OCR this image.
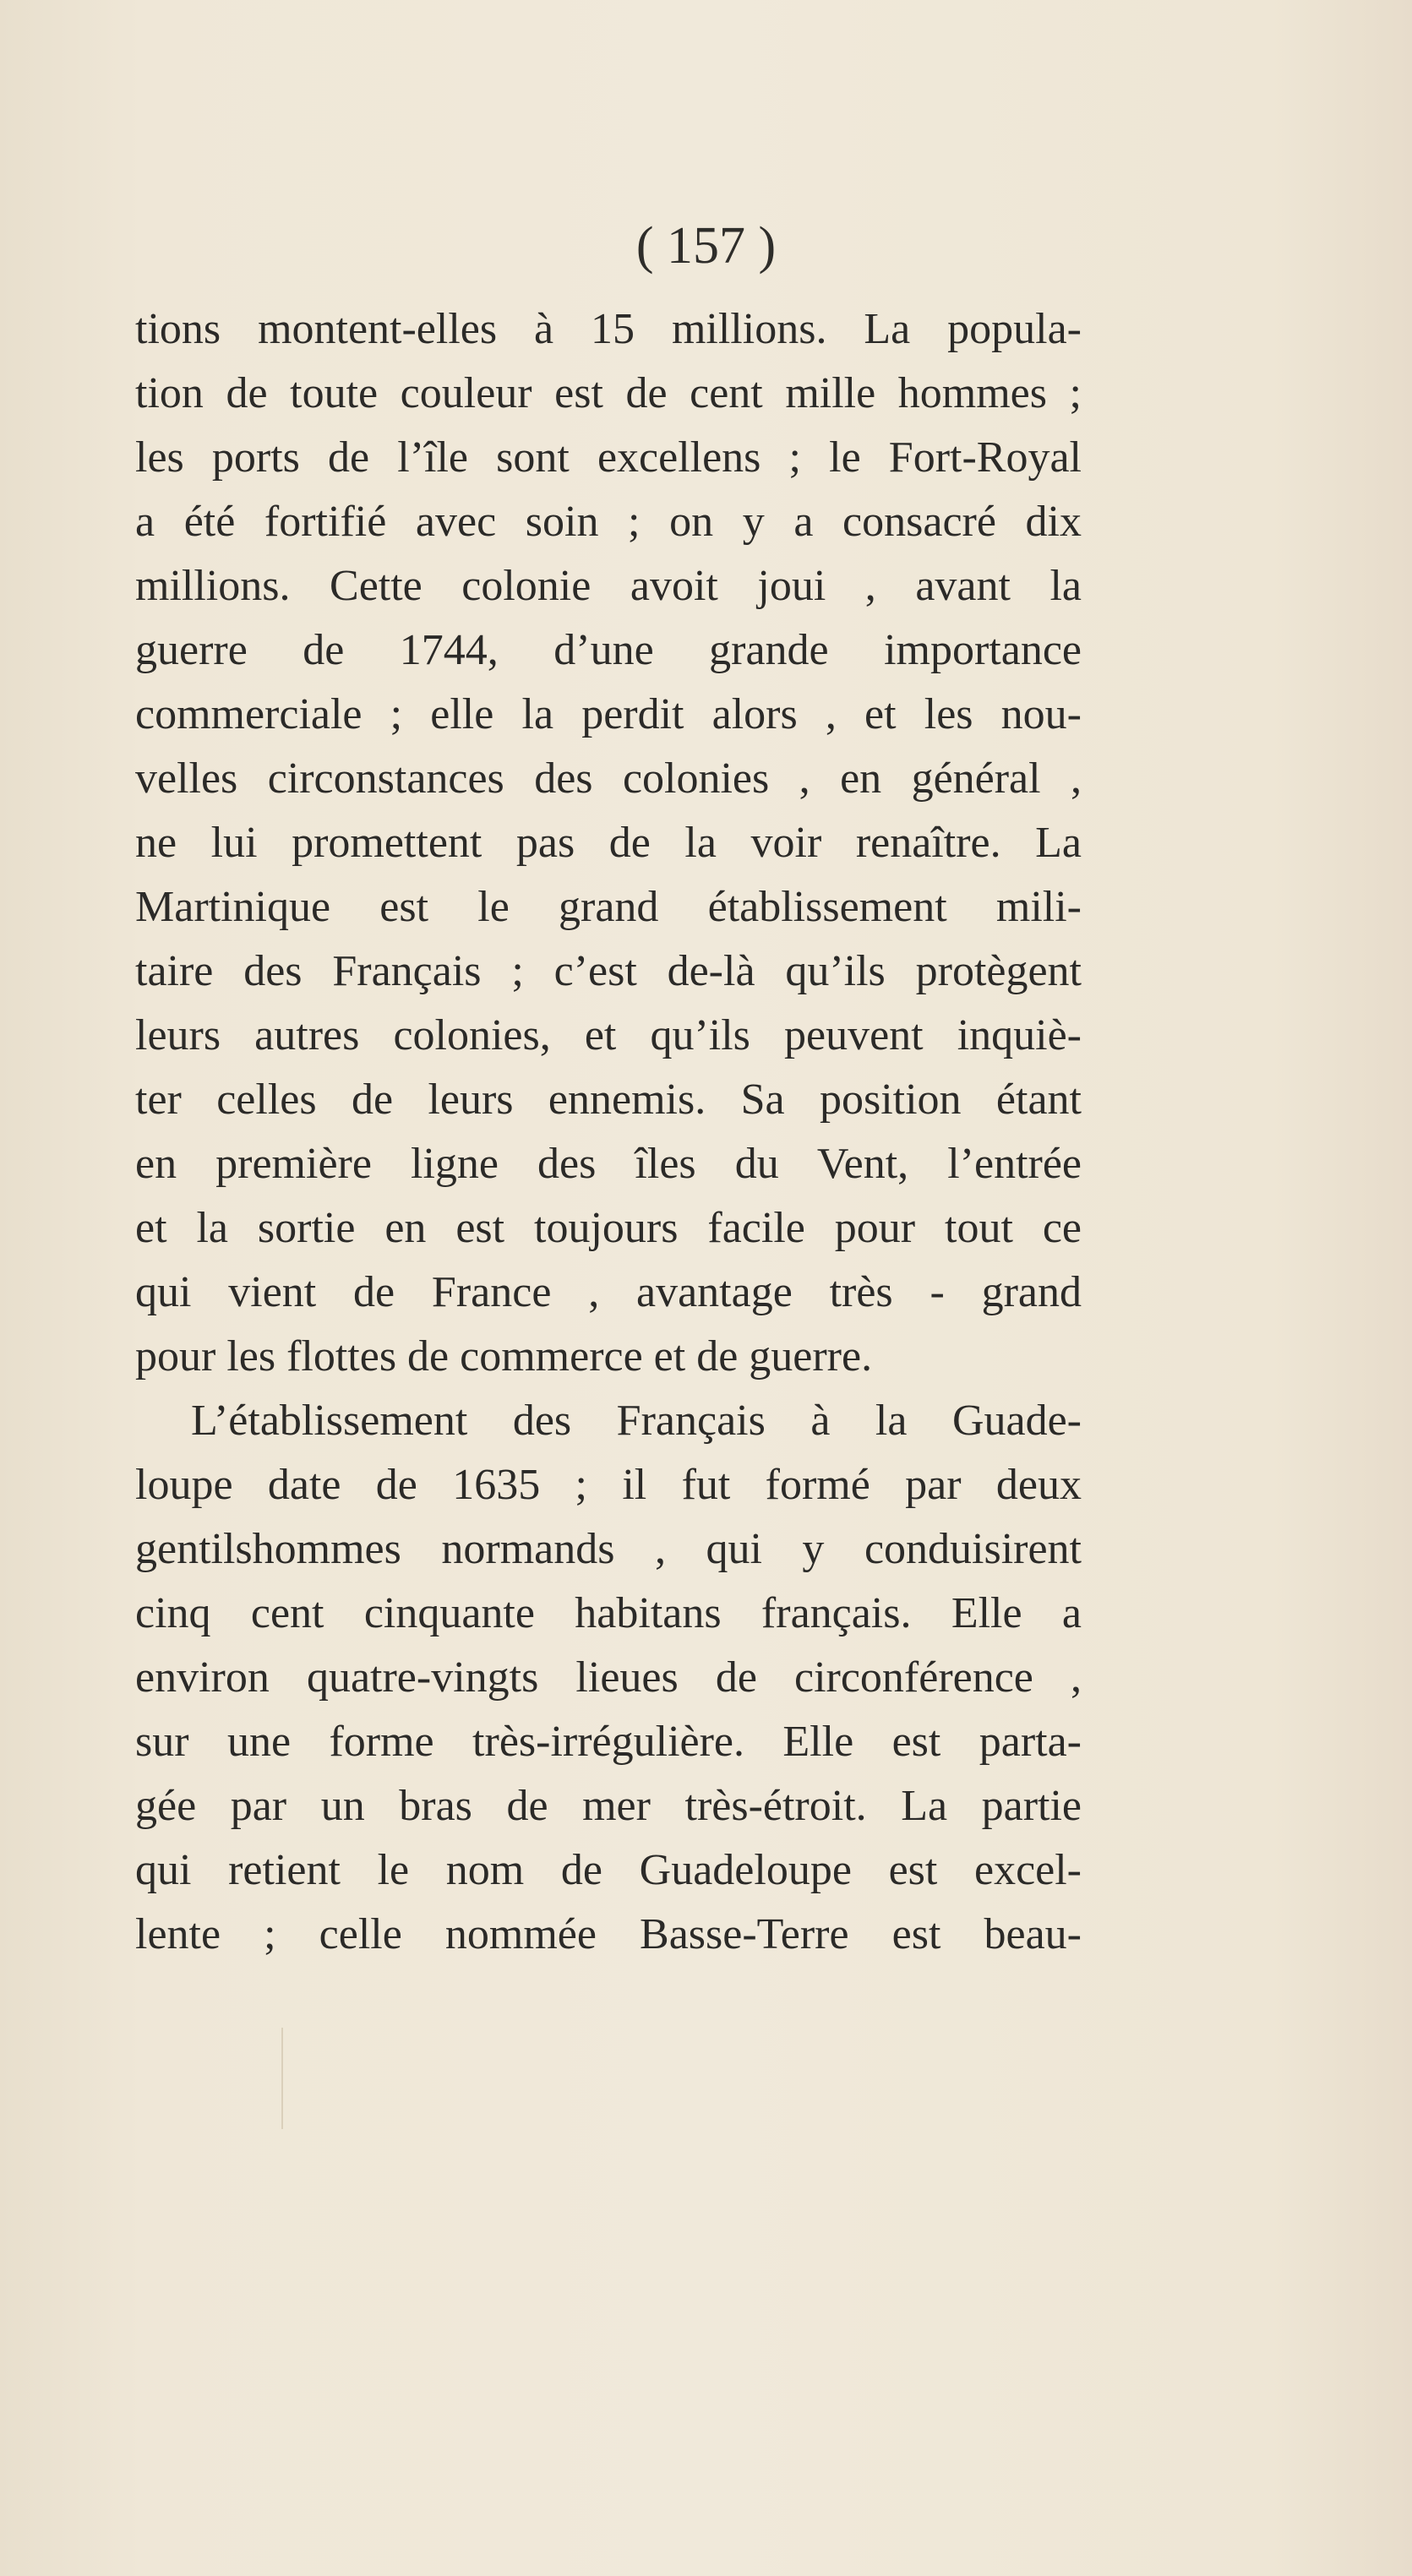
( 157 )
tions montent-elles à 15 millions. La popula-
tion de toute couleur est de cent mille hommes ;
les ports de l’île sont excellens ; le Fort-Royal
a été fortifié avec soin ; on y a consacré dix
millions. Cette colonie avoit joui , avant la
guerre de 1744, d’une grande importance
commerciale ; elle la perdit alors , et les nou-
velles circonstances des colonies , en général ,
ne lui promettent pas de la voir renaître. La
Martinique est le grand établissement mili-
taire des Français ; c’est de-là qu’ils protègent
leurs autres colonies, et qu’ils peuvent inquiè-
ter celles de leurs ennemis. Sa position étant
en première ligne des îles du Vent, l’entrée
et la sortie en est toujours facile pour tout ce
qui vient de France , avantage très - grand
pour les flottes de commerce et de guerre.
L’établissement des Français à la Guade-
loupe date de 1635 ; il fut formé par deux
gentilshommes normands , qui y conduisirent
cinq cent cinquante habitans français. Elle a
environ quatre-vingts lieues de circonférence ,
sur une forme très-irrégulière. Elle est parta-
gée par un bras de mer très-étroit. La partie
qui retient le nom de Guadeloupe est excel-
lente ; celle nommée Basse-Terre est beau-
